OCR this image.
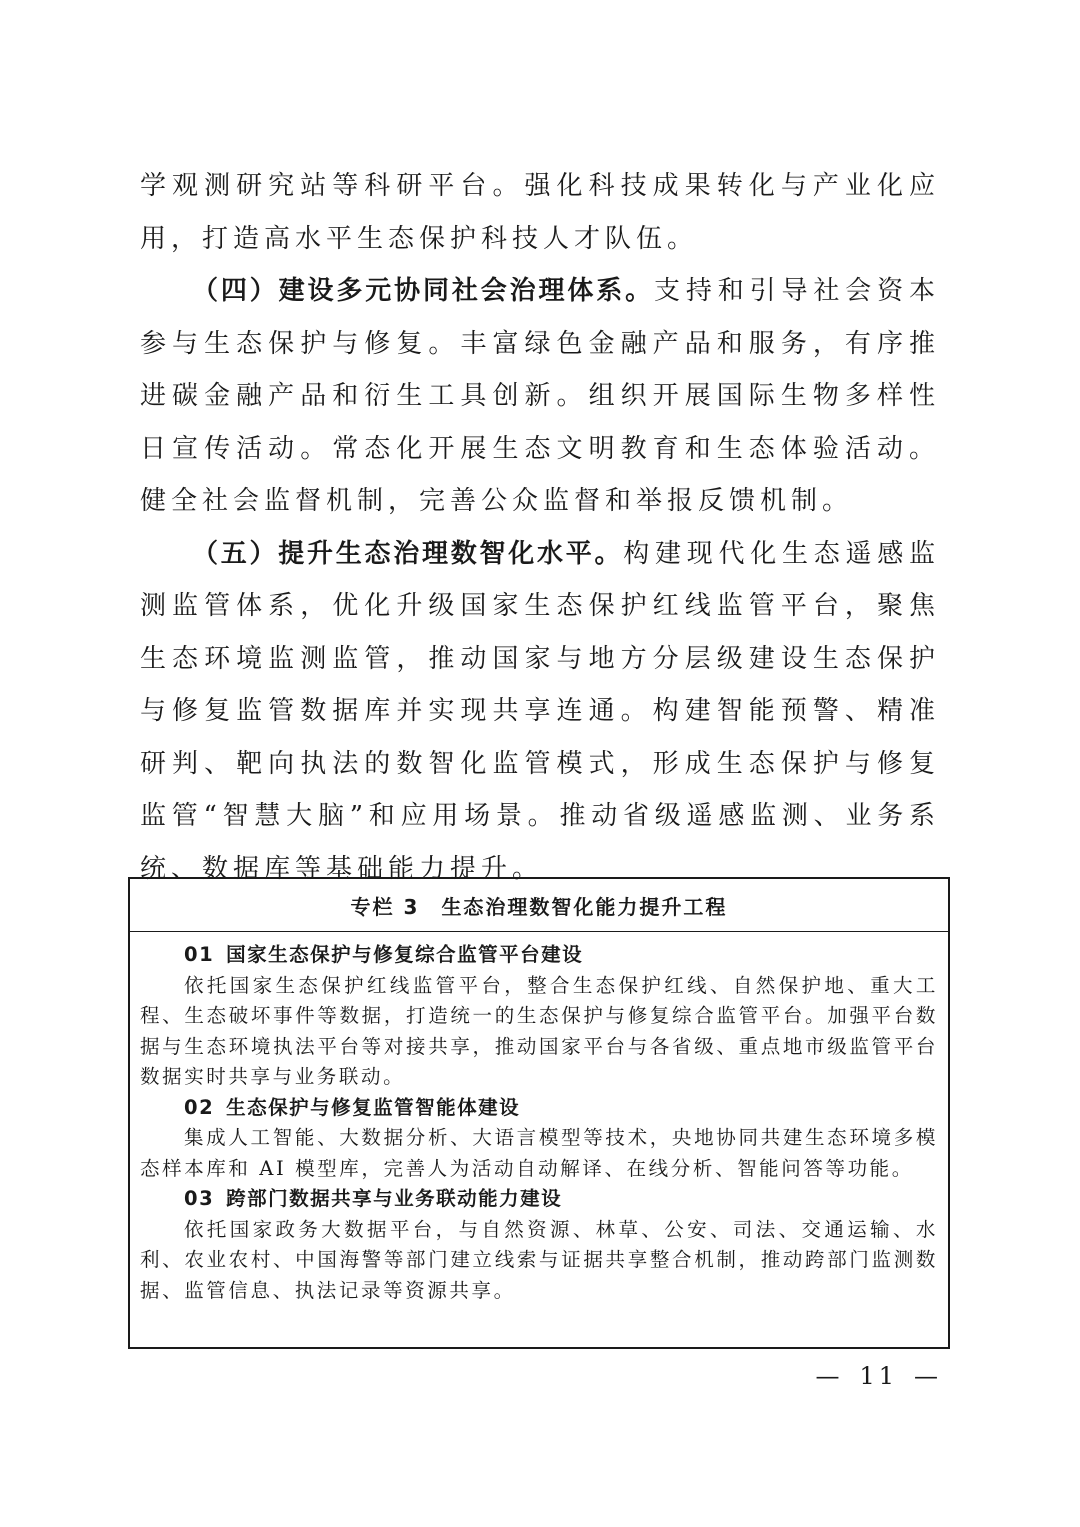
学观测研究站等科研平台。强化科技成果转化与产业化应用，打造高水平生态保护科技人才队伍。

（四）建设多元协同社会治理体系。支持和引导社会资本参与生态保护与修复。丰富绿色金融产品和服务，有序推进碳金融产品和衍生工具创新。组织开展国际生物多样性日宣传活动。常态化开展生态文明教育和生态体验活动。健全社会监督机制，完善公众监督和举报反馈机制。

（五）提升生态治理数智化水平。构建现代化生态遥感监测监管体系，优化升级国家生态保护红线监管平台，聚焦生态环境监测监管，推动国家与地方分层级建设生态保护与修复监管数据库并实现共享连通。构建智能预警、精准研判、靶向执法的数智化监管模式，形成生态保护与修复监管“智慧大脑”和应用场景。推动省级遥感监测、业务系统、数据库等基础能力提升。

专栏 3 生态治理数智化能力提升工程
01 国家生态保护与修复综合监管平台建设
依托国家生态保护红线监管平台，整合生态保护红线、自然保护地、重大工程、生态破坏事件等数据，打造统一的生态保护与修复综合监管平台。加强平台数据与生态环境执法平台等对接共享，推动国家平台与各省级、重点地市级监管平台数据实时共享与业务联动。
02 生态保护与修复监管智能体建设
集成人工智能、大数据分析、大语言模型等技术，央地协同共建生态环境多模态样本库和 AI 模型库，完善人为活动自动解译、在线分析、智能问答等功能。
03 跨部门数据共享与业务联动能力建设
依托国家政务大数据平台，与自然资源、林草、公安、司法、交通运输、水利、农业农村、中国海警等部门建立线索与证据共享整合机制，推动跨部门监测数据、监管信息、执法记录等资源共享。
— 11 —
